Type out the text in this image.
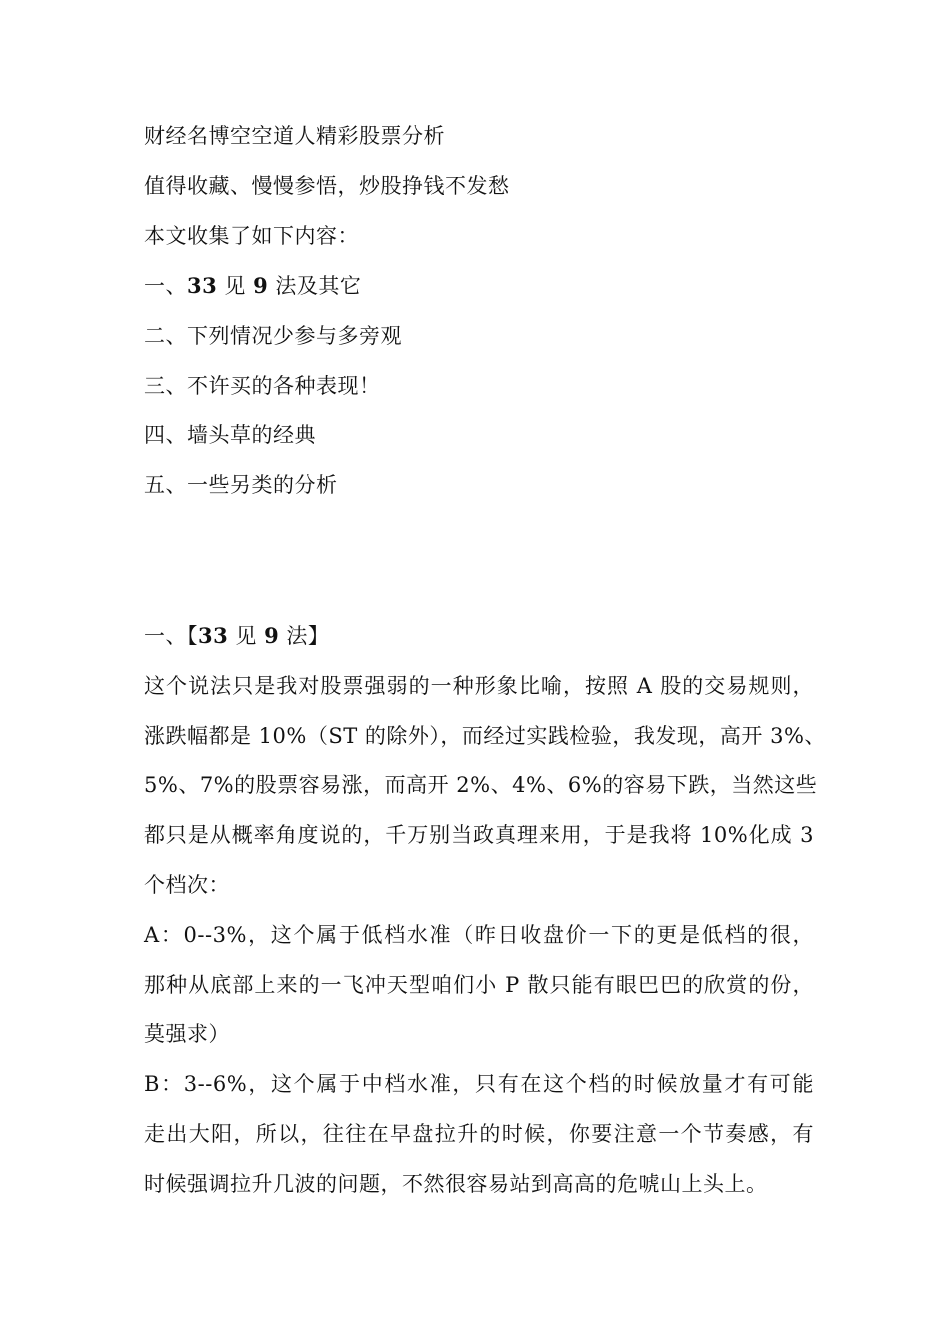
财经名博空空道人精彩股票分析
值得收藏、慢慢参悟，炒股挣钱不发愁
本文收集了如下内容：
一、33 见 9 法及其它
二、下列情况少参与多旁观
三、不许买的各种表现！
四、墙头草的经典
五、一些另类的分析
一、【33 见 9 法】
这个说法只是我对股票强弱的一种形象比喻，按照 A 股的交易规则，
涨跌幅都是 10%（ST 的除外），而经过实践检验，我发现，高开 3%、
5%、7%的股票容易涨，而高开 2%、4%、6%的容易下跌，当然这些
都只是从概率角度说的，千万别当政真理来用，于是我将 10%化成 3
个档次：
A：0--3%，这个属于低档水准（昨日收盘价一下的更是低档的很，
那种从底部上来的一飞冲天型咱们小 P 散只能有眼巴巴的欣赏的份，
莫强求）
B：3--6%，这个属于中档水准，只有在这个档的时候放量才有可能
走出大阳，所以，往往在早盘拉升的时候，你要注意一个节奏感，有
时候强调拉升几波的问题，不然很容易站到高高的危唬山上头上。
